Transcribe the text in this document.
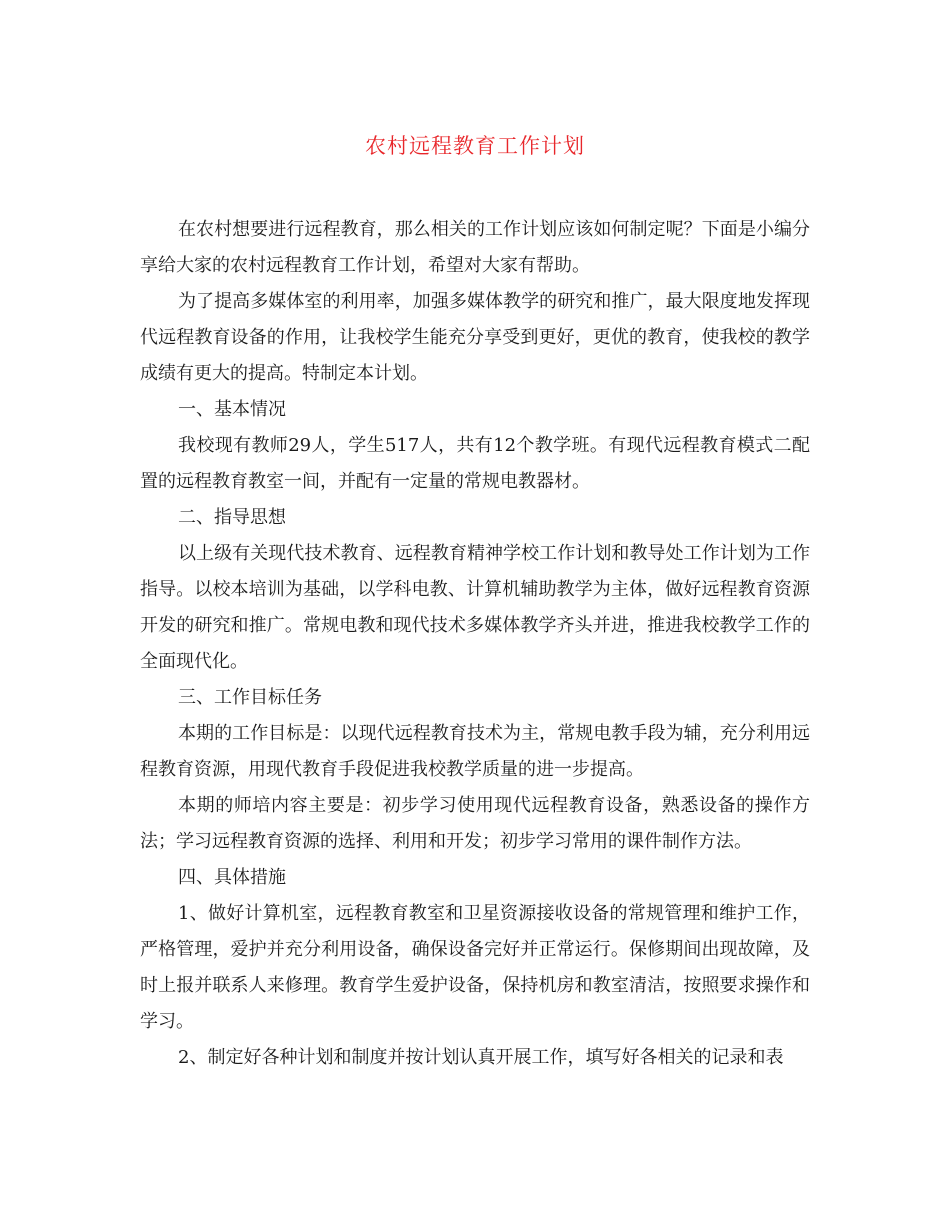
农村远程教育工作计划

在农村想要进行远程教育，那么相关的工作计划应该如何制定呢？下面是小编分享给大家的农村远程教育工作计划，希望对大家有帮助。

为了提高多媒体室的利用率，加强多媒体教学的研究和推广，最大限度地发挥现代远程教育设备的作用，让我校学生能充分享受到更好，更优的教育，使我校的教学成绩有更大的提高。特制定本计划。

一、基本情况

我校现有教师29人，学生517人，共有12个教学班。有现代远程教育模式二配置的远程教育教室一间，并配有一定量的常规电教器材。

二、指导思想

以上级有关现代技术教育、远程教育精神学校工作计划和教导处工作计划为工作指导。以校本培训为基础，以学科电教、计算机辅助教学为主体，做好远程教育资源开发的研究和推广。常规电教和现代技术多媒体教学齐头并进，推进我校教学工作的全面现代化。

三、工作目标任务

本期的工作目标是：以现代远程教育技术为主，常规电教手段为辅，充分利用远程教育资源，用现代教育手段促进我校教学质量的进一步提高。

本期的师培内容主要是：初步学习使用现代远程教育设备，熟悉设备的操作方法；学习远程教育资源的选择、利用和开发；初步学习常用的课件制作方法。

四、具体措施

1、做好计算机室，远程教育教室和卫星资源接收设备的常规管理和维护工作，严格管理，爱护并充分利用设备，确保设备完好并正常运行。保修期间出现故障，及时上报并联系人来修理。教育学生爱护设备，保持机房和教室清洁，按照要求操作和学习。

2、制定好各种计划和制度并按计划认真开展工作，填写好各相关的记录和表
